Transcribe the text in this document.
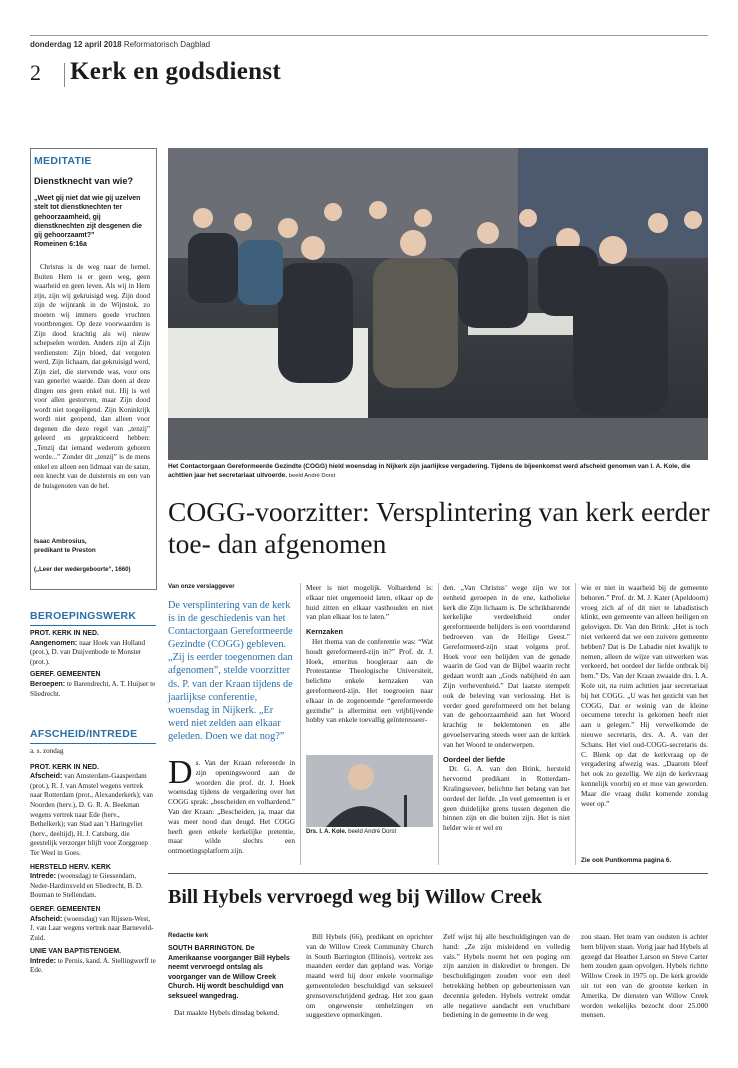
donderdag 12 april 2018 Reformatorisch Dagblad
2 Kerk en godsdienst
MEDITATIE
Dienstknecht van wie?
„Weet gij niet dat wie gij uzelven stelt tot dienstknechten ter gehoorzaamheid, gij dienstknechten zijt desgenen die gij gehoorzaamt?”
Romeinen 6:16a
Christus is de weg naar de hemel. Buiten Hem is er geen weg, geen waarheid en geen leven. Als wij in Hem zijn, zijn wij gekruisigd weg. Zijn dood zijn de wijnrank in de Wijnstok, zo moeten wij immers goede vruchten voortbrengen. Op deze voorwaarden is Zijn dood krachtig als wij nieuw schepselen worden. Anders zijn al Zijn verdiensten: Zijn bloed, dat vergoten werd, Zijn lichaam, dat gekruisigd werd, Zijn ziel, die stervende was, voor ons van generlei waarde. Dan doen al deze dingen ons geen enkel nut. Hij is wel voor allen gestorven, maar Zijn dood wordt niet toegeëigend. Zijn Koninkrijk wordt niet geopend, dan alleen voor degenen die deze regel van „tenzij” geleerd en geprakticeerd hebben: „Tenzij dat iemand wederom geboren worde...” Zonder dit „tenzij” is de mens enkel en alleen een lidmaat van de satan, een knecht van de duisternis en een van de huisgenoten van de hel.
Isaac Ambrosius,
predikant te Preston
(„Leer der wedergeboorte”, 1660)
BEROEPINGSWERK
PROT. KERK IN NED.
Aangenomen: naar Hoek van Holland (prot.), D. van Duijvenbode te Monster (prot.).
GEREF. GEMEENTEN
Beroepen: te Barendrecht, A. T. Huijser te Sliedrecht.
AFSCHEID/INTREDE
a. s. zondag
PROT. KERK IN NED.
Afscheid: van Amsterdam-Gaasperdam (prot.), R. J. van Amstel wegens vertrek naar Rotterdam (prot., Alexanderkerk); van Noorden (herv.), D. G. R. A. Beekman wegens vertrek naar Ede (herv., Bethelkerk); van Stad aan 't Haringvliet (herv., deeltijd), H. J. Catsburg, die geestelijk verzorger blijft voor Zorggroep Ter Weel in Goes.
HERSTELD HERV. KERK
Intrede: (woensdag) te Giessendam, Neder-Hardinxveld en Sliedrecht, B. D. Bouman te Stellendam.
GEREF. GEMEENTEN
Afscheid: (woensdag) van Rijssen-West, J. van Laar wegens vertrek naar Barneveld-Zuid.
UNIE VAN BAPTISTENGEM.
Intrede: te Pernis, kand. A. Stellingwerff te Ede.
Het Contactorgaan Gereformeerde Gezindte (COGG) hield woensdag in Nijkerk zijn jaarlijkse vergadering. Tijdens de bijeenkomst werd afscheid genomen van I. A. Kole, die achttien jaar het secretariaat uitvoerde. beeld André Dorst
COGG-voorzitter: Versplintering van kerk eerder toe- dan afgenomen
Van onze verslaggever
De versplintering van de kerk is in de geschiedenis van het Contactorgaan Gereformeerde Gezindte (COGG) gebleven. „Zij is eerder toegenomen dan afgenomen”, stelde voorzitter ds. P. van der Kraan tijdens de jaarlijkse conferentie, woensdag in Nijkerk. „Er werd niet zelden aan elkaar geleden. Doen we dat nog?”
Ds. Van der Kraan refereerde in zijn openingswoord aan de woorden die prof. dr. J. Hoek woensdag tijdens de vergadering over het COGG sprak: „bescheiden en volhardend.” Van der Kraan: „Bescheiden, ja, maar dat was meer nood dan deugd. Het COGG heeft geen enkele kerkelijke pretentie, maar wilde slechts een ontmoetingsplatform zijn.
Meer is niet mogelijk. Volhardend is: elkaar niet ongemoeid laten, elkaar op de huid zitten en elkaar vasthouden en niet van plan elkaar los te laten.”
Kernzaken
Het thema van de conferentie was: “Wat houdt gereformeerd-zijn in?” Prof. dr. J. Hoek, emeritus hoogleraar aan de Protestantse Theologische Universiteit, belichtte enkele kernzaken van gereformeerd-zijn. Het toegroeien naar elkaar in de zogenoemde “gereformeerde gezindte” is allerminst een vrijblijvende hobby van enkele toevallig geïnteresseer-
Drs. I. A. Kole. beeld André Dorst
den. „Van Christus’ wege zijn we tot eenheid geroepen in de ene, katholieke kerk die Zijn lichaam is. De schrikbarende kerkelijke verdeeldheid onder gereformeerde belijders is een voortdurend bedroeven van de Heilige Geest.” Gereformeerd-zijn staat volgens prof. Hoek voor een belijden van de genade waarin de God van de Bijbel waarin recht gedaan wordt aan „Gods nabijheid én aan Zijn verhevenheid.” Dat laatste stempelt ook de beleving van verlossing. Het is verder goed gereformeerd om het belang van de gehoorzaamheid aan het Woord krachtig te beklemtonen en alle gevoelservaring steeds weer aan de kritiek van het Woord te onderwerpen.
Oordeel der liefde
Dr. G. A. van den Brink, hersteld hervormd predikant in Rotterdam-Kralingseveer, belichtte het belang van het oordeel der liefde. „In veel gemeenten is er geen duidelijke grens tussen degenen die binnen zijn en die buiten zijn. Het is niet helder wie er wel en
wie er niet in waarheid bij de gemeente behoren.” Prof. dr. M. J. Kater (Apeldoorn) vroeg zich af of dit niet te labadistisch klinkt, een gemeente van alleen heiligen en gelovigen. Dr. Van den Brink: „Het is toch niet verkeerd dat we een zuivere gemeente hebben? Dat is De Labadie niet kwalijk te nemen, alleen de wijze van uitwerken was verkeerd, het oordeel der liefde ontbrak bij hem.” Ds. Van der Kraan zwaaide drs. I. A. Kole uit, na ruim achttien jaar secretariaat bij het COGG. „U was het gezicht van het COGG. Dat er weinig van de kleine oecumene terecht is gekomen heeft niet aan u gelegen.” Hij verwelkomde de nieuwe secretaris, drs. A. A. van der Schans. Het viel oud-COGG-secretaris ds. C. Blenk op dat de kerkvraag op de vergadering afwezig was. „Daarom bleef het ook zo gezellig. We zijn de kerkvraag kennelijk voorbij en er moe van geworden. Maar die vraag duikt komende zondag weer op.”
Zie ook Puntkomma pagina 6.
Bill Hybels vervroegd weg bij Willow Creek
Redactie kerk
SOUTH BARRINGTON. De Amerikaanse voorganger Bill Hybels neemt vervroegd ontslag als voorganger van de Willow Creek Church. Hij wordt beschuldigd van seksueel wangedrag.
Dat maakte Hybels dinsdag bekend.
Bill Hybels (66), predikant en oprichter van de Willow Creek Community Church in South Barrington (Illinois), vertrekt zes maanden eerder dan gepland was. Vorige maand werd hij door enkele voormalige gemeenteleden beschuldigd van seksueel grensoverschrijdend gedrag. Het zou gaan om ongewenste omhelzingen en suggestieve opmerkingen.
Zelf wijst hij alle beschuldigingen van de hand: „Ze zijn misleidend en volledig vals.” Hybels noemt het een poging om zijn aanzien in diskrediet te brengen. De beschuldigingen zouden voor een deel betrekking hebben op gebeurtenissen van decennia geleden. Hybels vertrekt omdat alle negatieve aandacht een vruchtbare bediening in de gemeente in de weg
zou staan. Het team van oudsten is achter hem blijven staan. Vorig jaar had Hybels al gezegd dat Heather Larson en Steve Carter hem zouden gaan opvolgen. Hybels richtte Willow Creek in 1975 op. De kerk groeide uit tot een van de grootste kerken in Amerika. De diensten van Willow Creek worden wekelijks bezocht door 25.000 mensen.
